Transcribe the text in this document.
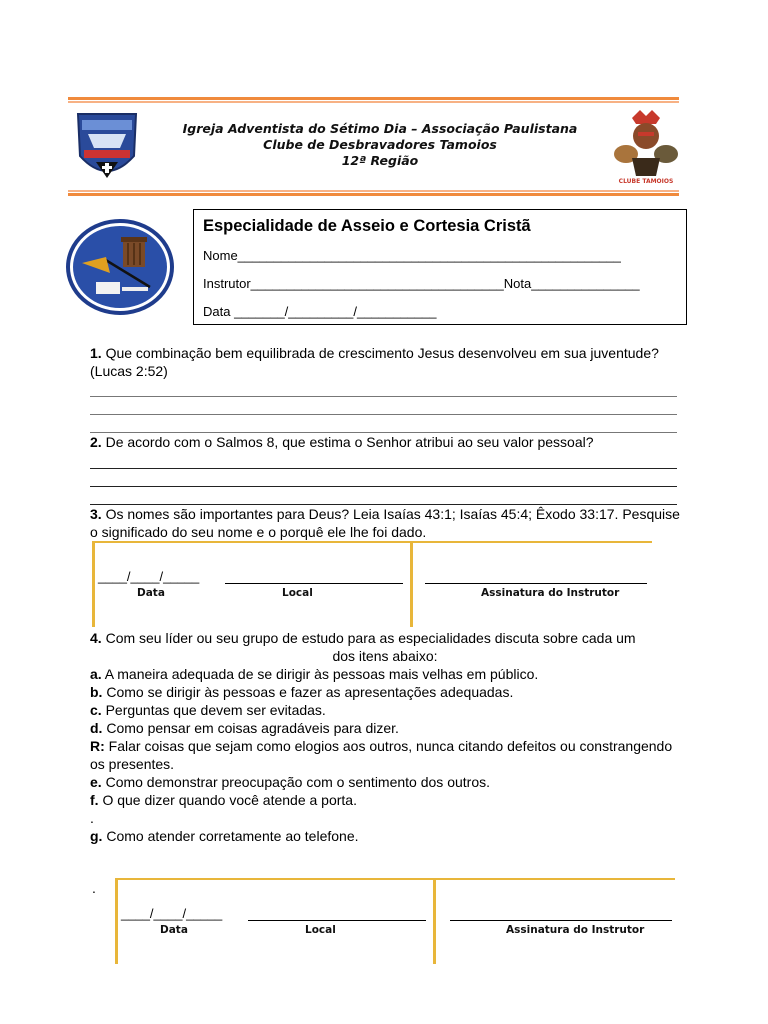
Igreja Adventista do Sétimo Dia – Associação Paulistana
Clube de Desbravadores Tamoios
12ª Região
CLUBE TAMOIOS
Especialidade de Asseio e Cortesia Cristã
Nome_____________________________________________________
Instrutor___________________________________Nota_______________
Data _______/_________/___________
1. Que combinação bem equilibrada de crescimento Jesus desenvolveu em sua juventude? (Lucas 2:52)
2. De acordo com o Salmos 8, que estima o Senhor atribui ao seu valor pessoal?
3. Os nomes são importantes para Deus? Leia Isaías 43:1; Isaías 45:4; Êxodo 33:17. Pesquise o significado do seu nome e o porquê ele lhe foi dado.
____/____/_____
Data	Local	Assinatura do Instrutor
4. Com seu líder ou seu grupo de estudo para as especialidades discuta sobre cada um
dos itens abaixo:
a. A maneira adequada de se dirigir às pessoas mais velhas em público.
b. Como se dirigir às pessoas e fazer as apresentações adequadas.
c. Perguntas que devem ser evitadas.
d. Como pensar em coisas agradáveis para dizer.
R: Falar coisas que sejam como elogios aos outros, nunca citando defeitos ou constrangendo os presentes.
e. Como demonstrar preocupação com o sentimento dos outros.
f. O que dizer quando você atende a porta.
.
g. Como atender corretamente ao telefone.
.
____/____/_____
Data	Local	Assinatura do Instrutor
